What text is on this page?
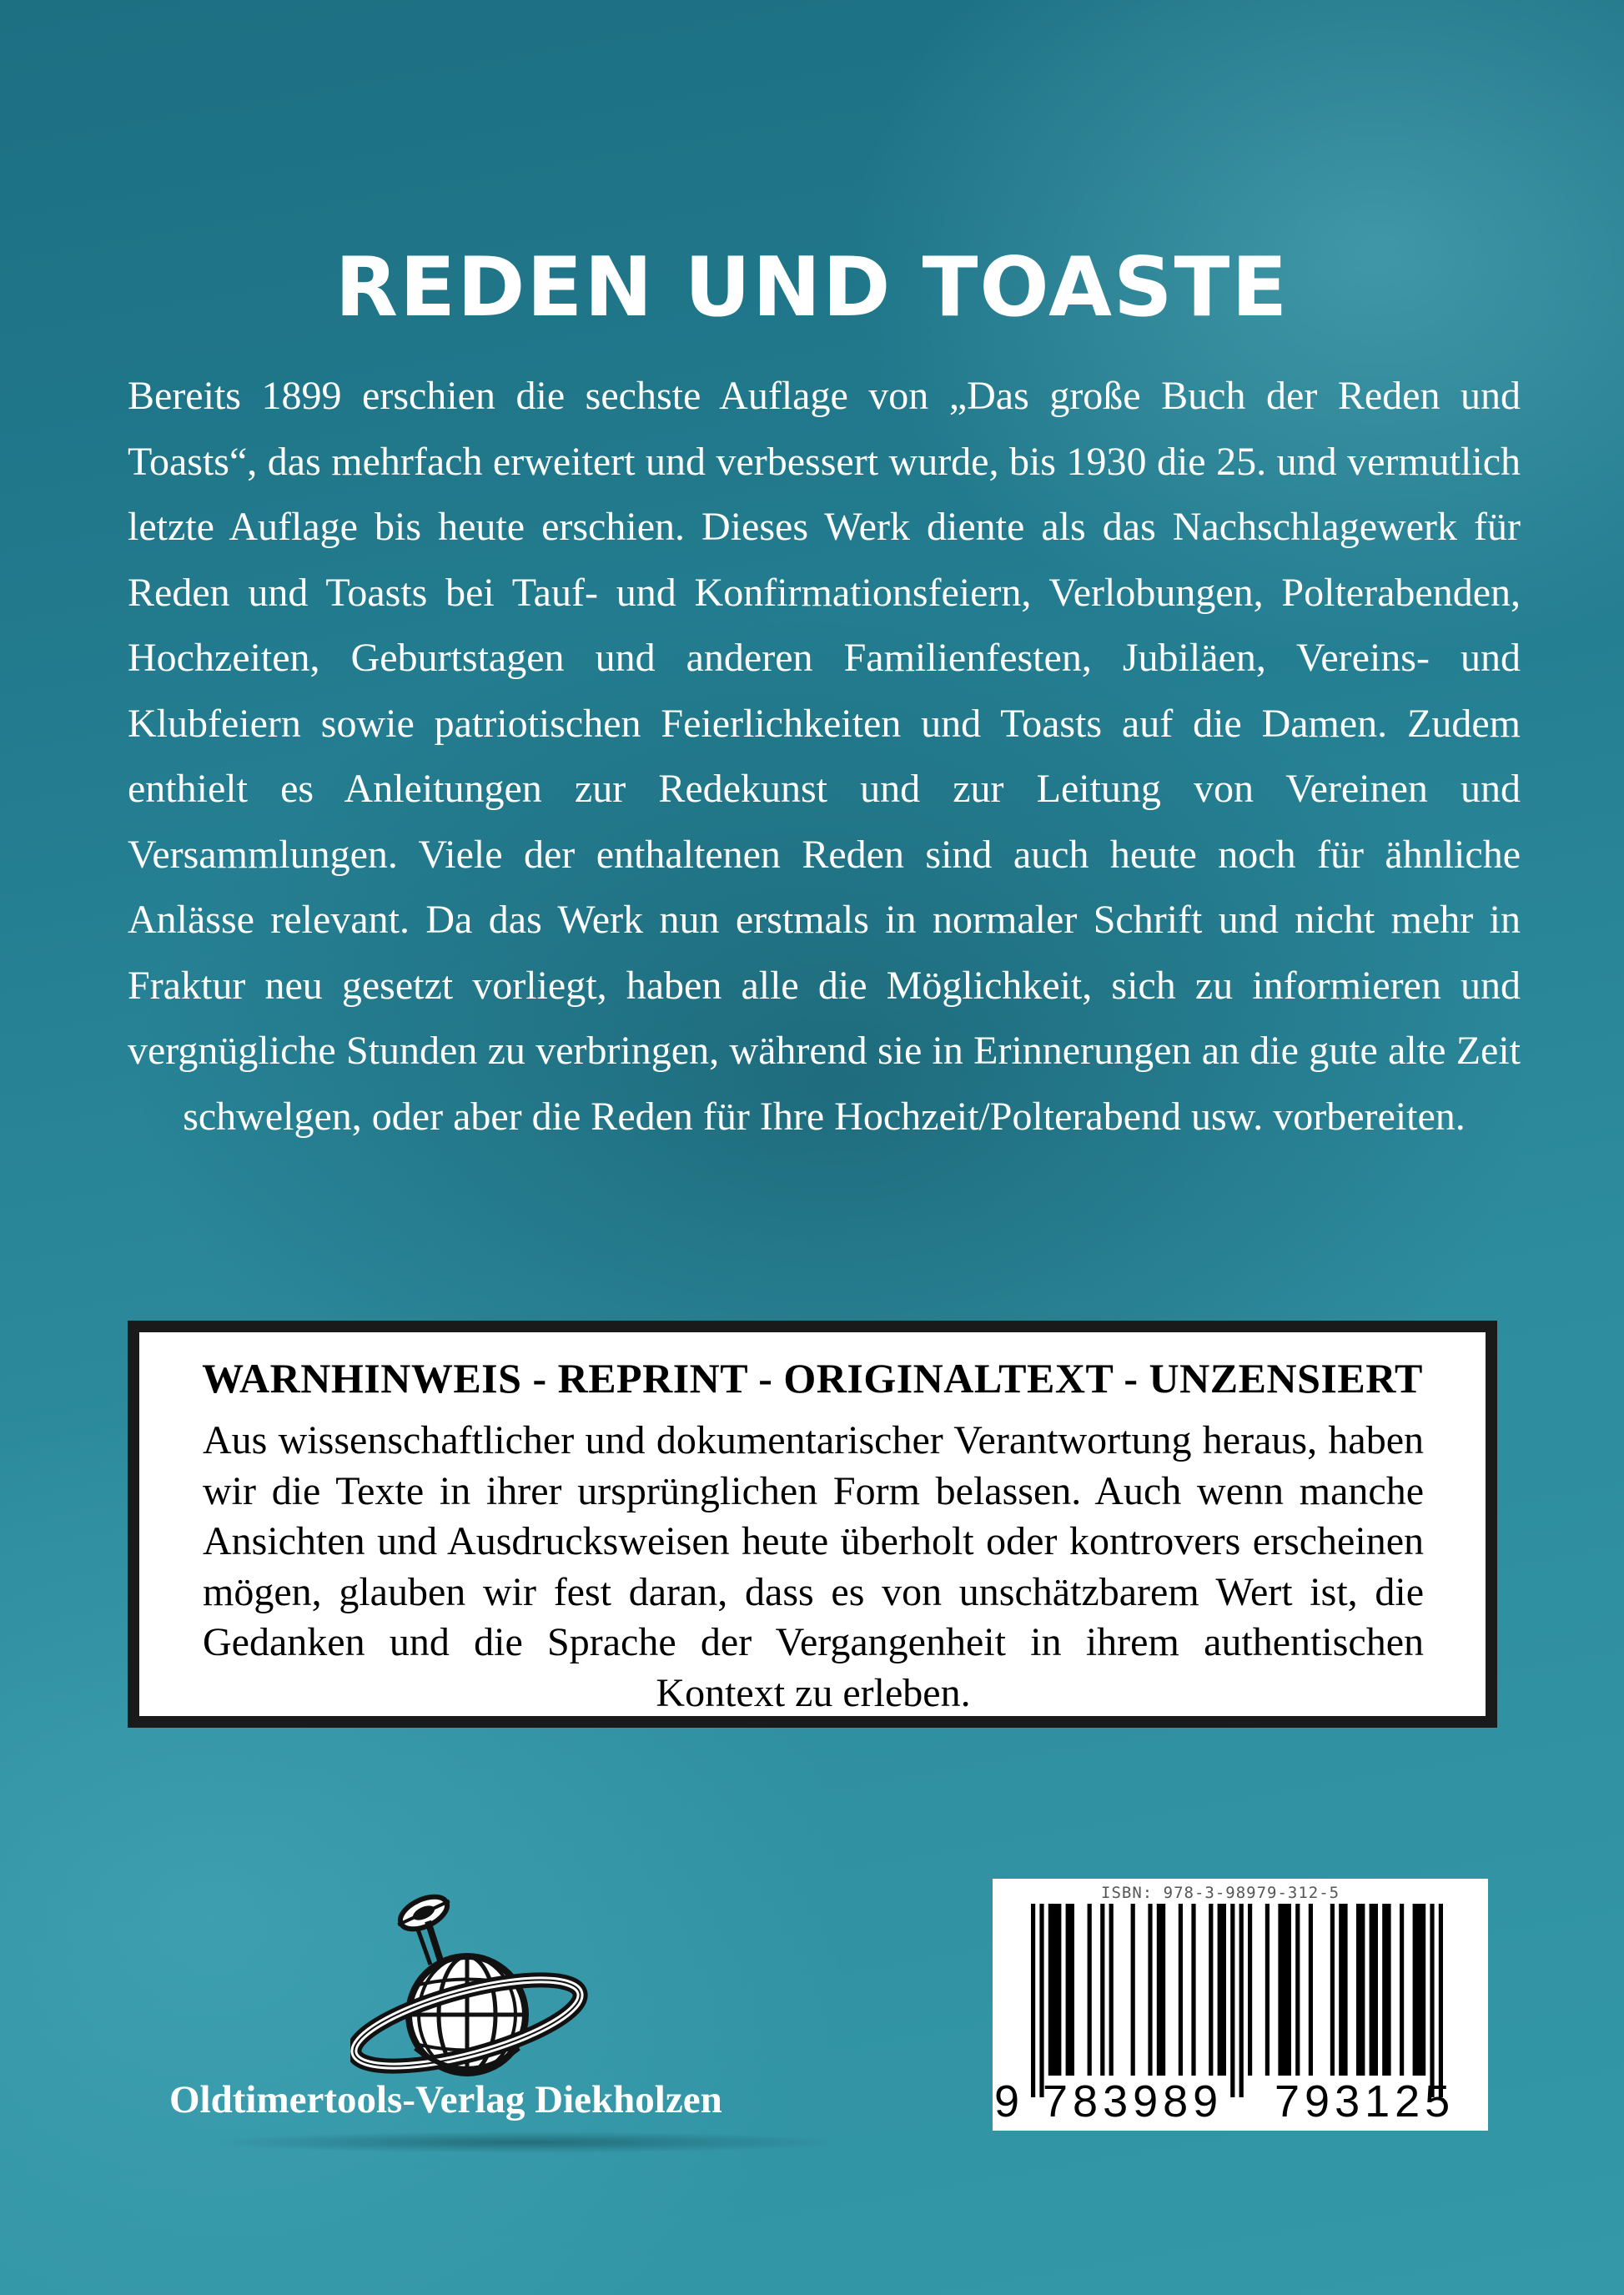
REDEN UND TOASTE

Bereits 1899 erschien die sechste Auflage von „Das große Buch der Reden und Toasts“, das mehrfach erweitert und verbessert wurde, bis 1930 die 25. und vermutlich letzte Auflage bis heute erschien. Dieses Werk diente als das Nachschlagewerk für Reden und Toasts bei Tauf- und Konfirmationsfeiern, Verlobungen, Polterabenden, Hochzeiten, Geburtstagen und anderen Familienfesten, Jubiläen, Vereins- und Klubfeiern sowie patriotischen Feierlichkeiten und Toasts auf die Damen. Zudem enthielt es Anleitungen zur Redekunst und zur Leitung von Vereinen und Versammlungen. Viele der enthaltenen Reden sind auch heute noch für ähnliche Anlässe relevant. Da das Werk nun erstmals in normaler Schrift und nicht mehr in Fraktur neu gesetzt vorliegt, haben alle die Möglichkeit, sich zu informieren und vergnügliche Stunden zu verbringen, während sie in Erinnerungen an die gute alte Zeit schwelgen, oder aber die Reden für Ihre Hochzeit/Polterabend usw. vorbereiten.

WARNHINWEIS - REPRINT - ORIGINALTEXT - UNZENSIERT

Aus wissenschaftlicher und dokumentarischer Verantwortung heraus, haben wir die Texte in ihrer ursprünglichen Form belassen. Auch wenn manche Ansichten und Ausdrucksweisen heute überholt oder kontrovers erscheinen mögen, glauben wir fest daran, dass es von unschätzbarem Wert ist, die Gedanken und die Sprache der Vergangenheit in ihrem authentischen Kontext zu erleben.

Oldtimertools-Verlag Diekholzen

ISBN: 978-3-98979-312-5

9 783989 793125
